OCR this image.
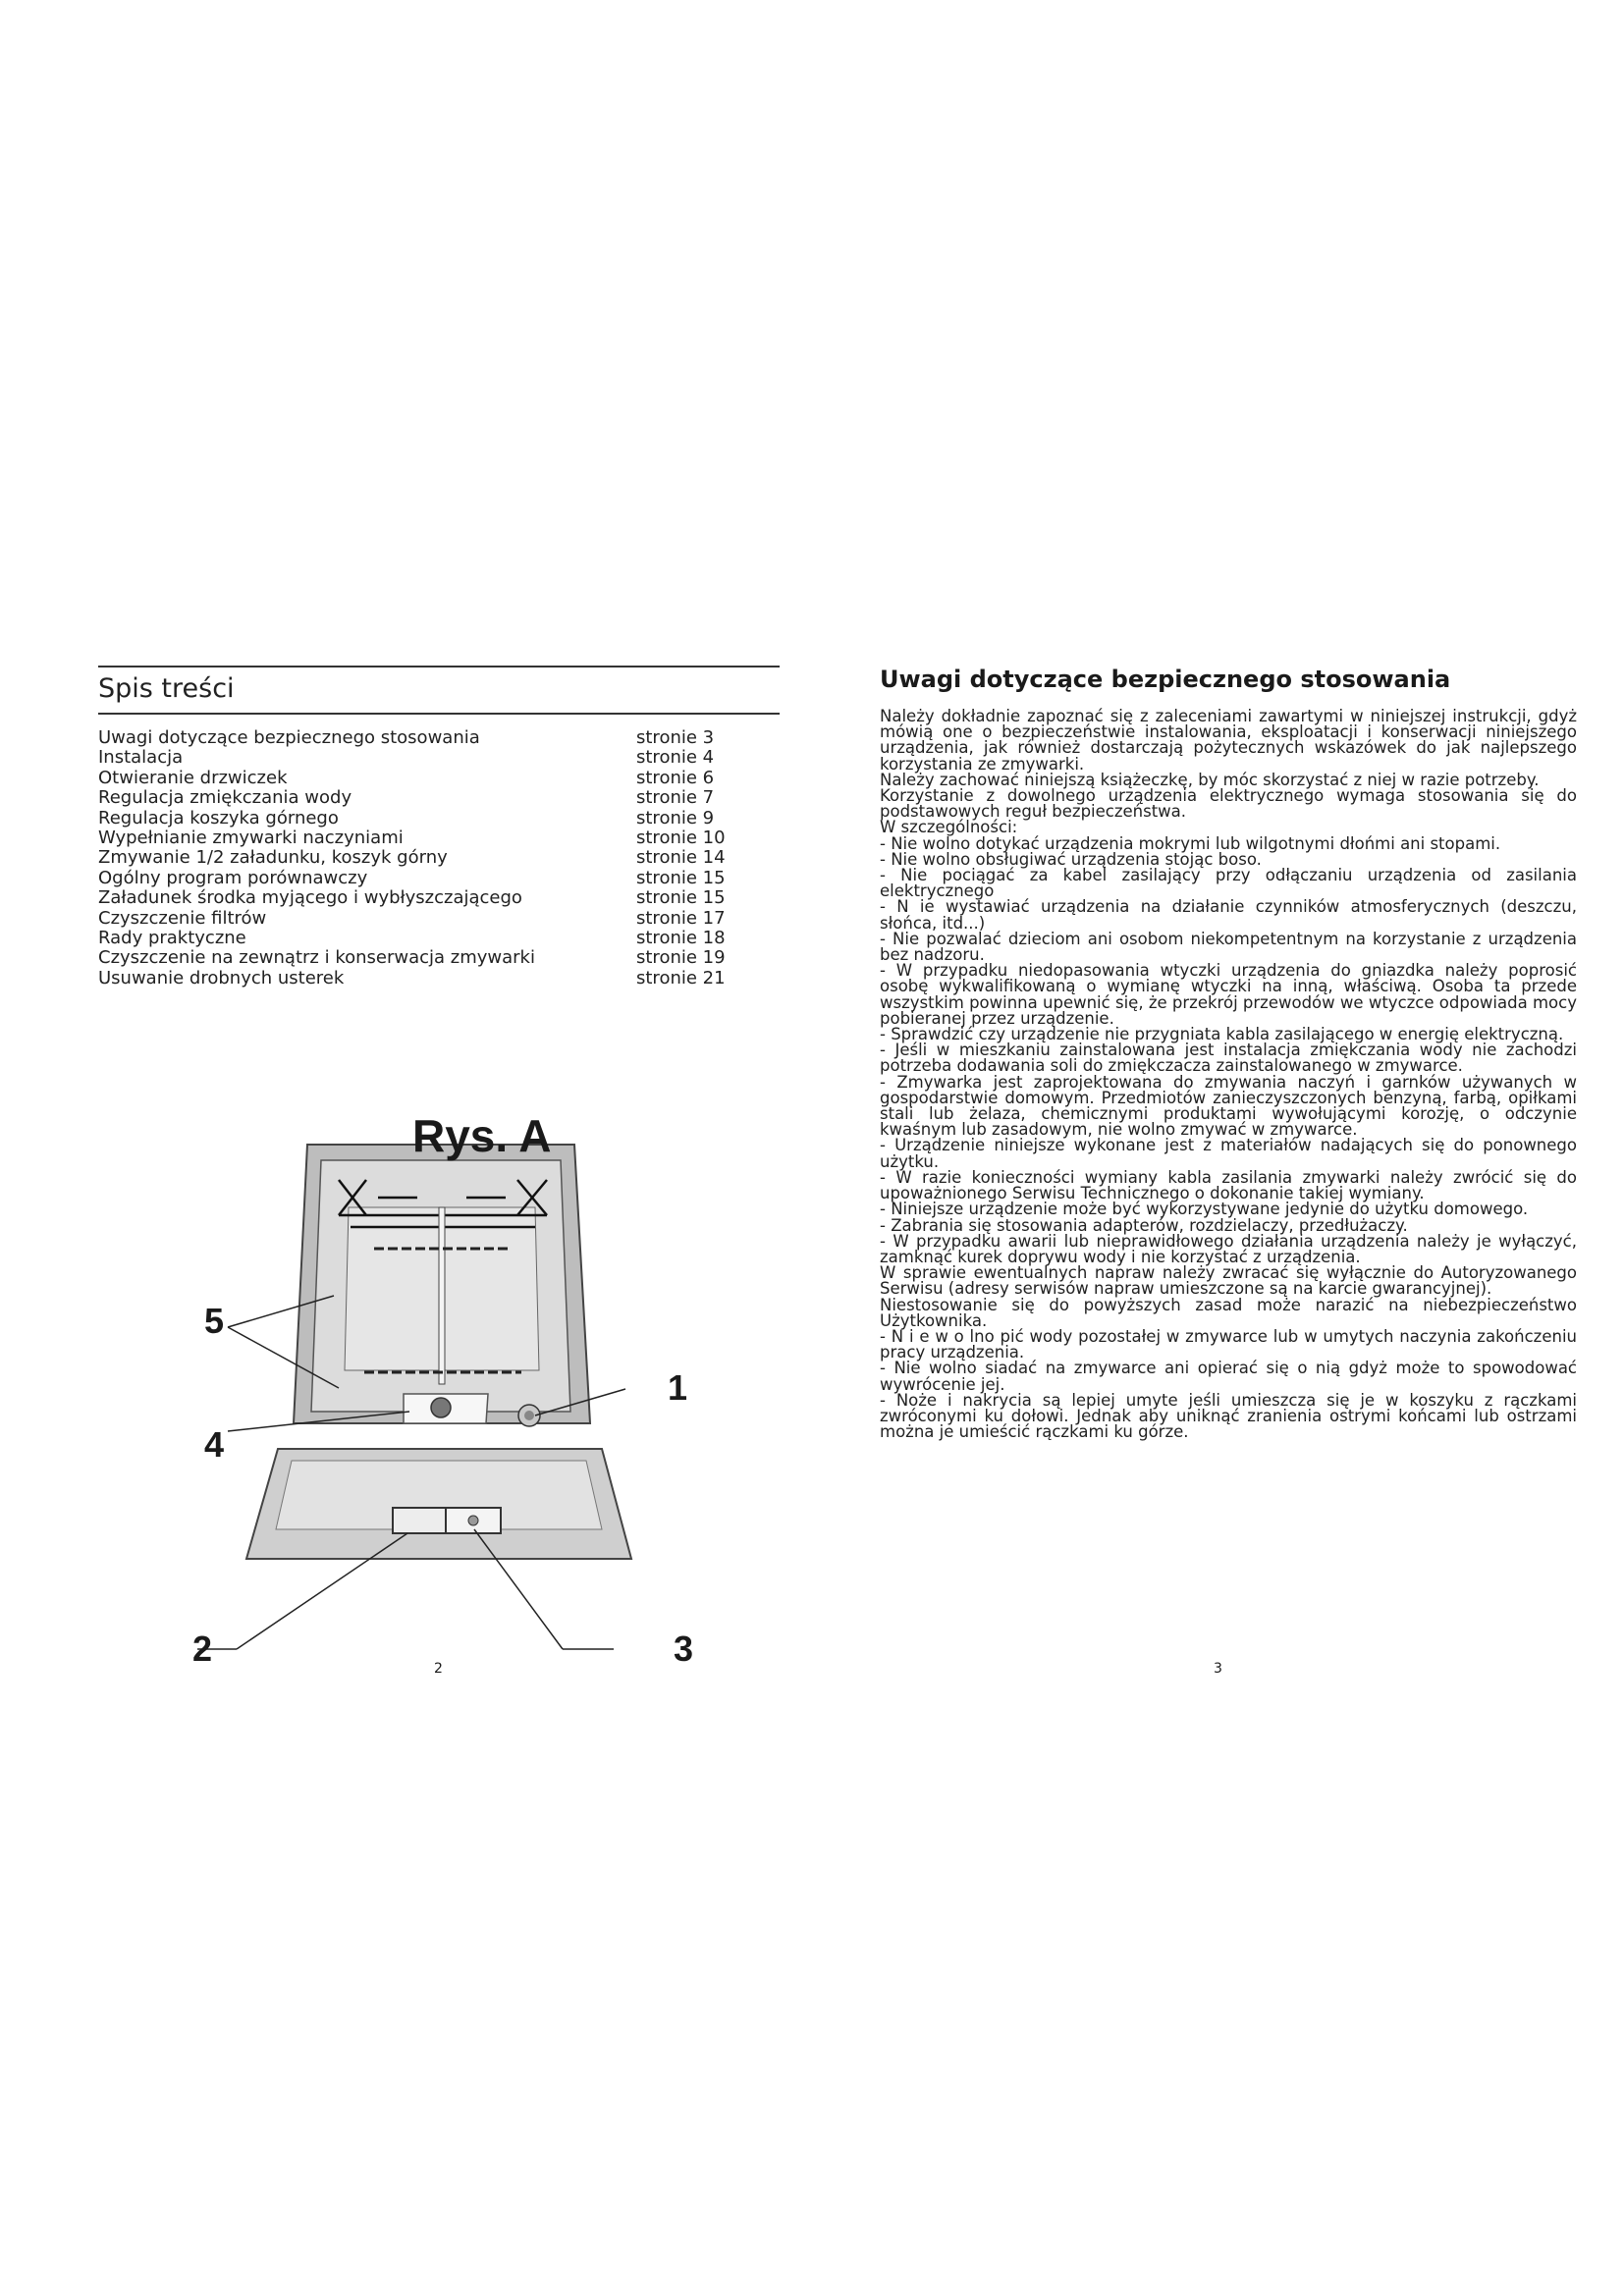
Spis treści
Uwagi dotyczące bezpiecznego stosowania	stronie 3
Instalacja	stronie 4
Otwieranie drzwiczek	stronie 6
Regulacja zmiękczania wody	stronie 7
Regulacja koszyka górnego	stronie 9
Wypełnianie zmywarki naczyniami	stronie 10
Zmywanie 1/2 załadunku, koszyk górny	stronie 14
Ogólny program porównawczy	stronie 15
Załadunek środka myjącego i wybłyszczającego	stronie 15
Czyszczenie filtrów	stronie 17
Rady praktyczne	stronie 18
Czyszczenie na zewnątrz i konserwacja zmywarki	stronie 19
Usuwanie drobnych usterek	stronie 21
Rys. A
1
2	3
4
5
2
Uwagi dotyczące bezpiecznego stosowania

Należy dokładnie zapoznać się z zaleceniami zawartymi w niniejszej instrukcji, gdyż mówią one o bezpieczeństwie instalowania, eksploatacji i konserwacji niniejszego urządzenia, jak również dostarczają pożytecznych wskazówek do jak najlepszego korzystania ze zmywarki.

Należy zachować niniejszą książeczkę, by móc skorzystać z niej w razie potrzeby.

Korzystanie z dowolnego urządzenia elektrycznego wymaga stosowania się do podstawowych reguł bezpieczeństwa.

W szczególności:

- Nie wolno dotykać urządzenia mokrymi lub wilgotnymi dłońmi ani stopami.

- Nie wolno obsługiwać urządzenia stojąc boso.

- Nie pociągać za kabel zasilający przy odłączaniu urządzenia od zasilania elektrycznego

- N ie wystawiać urządzenia na działanie czynników atmosferycznych (deszczu, słońca, itd...)

- Nie pozwalać dzieciom ani osobom niekompetentnym na korzystanie z urządzenia bez nadzoru.

- W przypadku niedopasowania wtyczki urządzenia do gniazdka należy poprosić osobę wykwalifikowaną o wymianę wtyczki na inną, właściwą. Osoba ta przede wszystkim powinna upewnić się, że przekrój przewodów we wtyczce odpowiada mocy pobieranej przez urządzenie.

- Sprawdzić czy urządzenie nie przygniata kabla zasilającego w energię elektryczną.

- Jeśli w mieszkaniu zainstalowana jest instalacja zmiękczania wody nie zachodzi potrzeba dodawania soli do zmiękczacza zainstalowanego w zmywarce.

- Zmywarka jest zaprojektowana do zmywania naczyń i garnków używanych w gospodarstwie domowym. Przedmiotów zanieczyszczonych benzyną, farbą, opiłkami stali lub żelaza, chemicznymi produktami wywołującymi korozję, o odczynie kwaśnym lub zasadowym, nie wolno zmywać w zmywarce.

- Urządzenie niniejsze wykonane jest z materiałów nadających się do ponownego użytku.

- W razie konieczności wymiany kabla zasilania zmywarki należy zwrócić się do upoważnionego Serwisu Technicznego o dokonanie takiej wymiany.

- Niniejsze urządzenie może być wykorzystywane jedynie do użytku domowego.

- Zabrania się stosowania adapterów, rozdzielaczy, przedłużaczy.

- W przypadku awarii lub nieprawidłowego działania urządzenia należy je wyłączyć, zamknąć kurek doprywu wody i nie korzystać z urządzenia.

W sprawie ewentualnych napraw należy zwracać się wyłącznie do Autoryzowanego Serwisu (adresy serwisów napraw umieszczone są na karcie gwarancyjnej).

Niestosowanie się do powyższych zasad może narazić na niebezpieczeństwo Użytkownika.

- N i e w o lno pić wody pozostałej w zmywarce lub w umytych naczynia zakończeniu pracy urządzenia.

- Nie wolno siadać na zmywarce ani opierać się o nią gdyż może to spowodować wywrócenie jej.

- Noże i nakrycia są lepiej umyte jeśli umieszcza się je w koszyku z rączkami zwróconymi ku dołowi. Jednak aby uniknąć zranienia ostrymi końcami lub ostrzami można je umieścić rączkami ku górze.

3
